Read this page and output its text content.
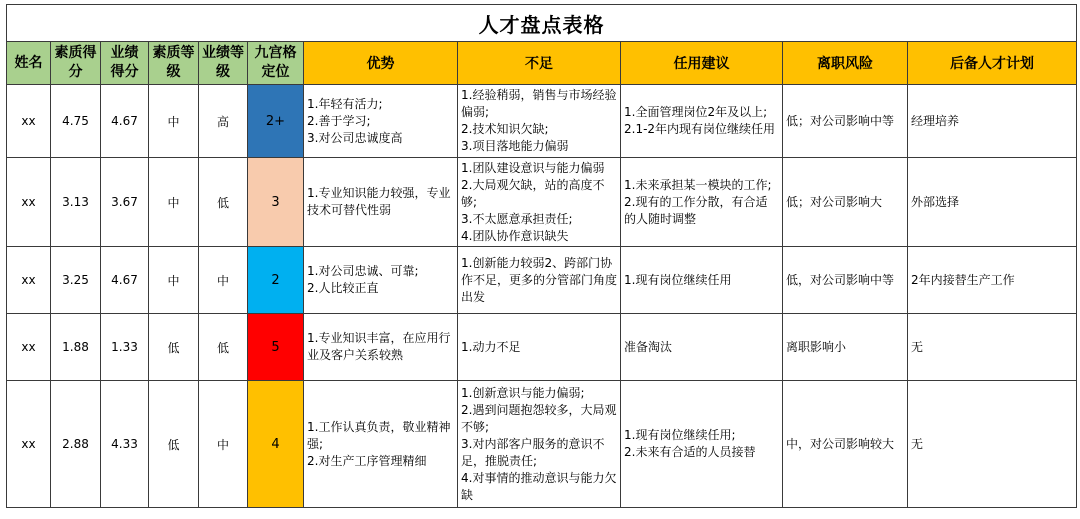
人才盘点表格										
姓名	素质得分	业绩得分	素质等级	业绩等级	九宫格定位	优势	不足	任用建议	离职风险	后备人才计划
xx	4.75	4.67	中	高	2+	1.年轻有活力;
2.善于学习;
3.对公司忠诚度高	1.经验稍弱，销售与市场经验偏弱;
2.技术知识欠缺;
3.项目落地能力偏弱	1.全面管理岗位2年及以上;
2.1-2年内现有岗位继续任用	低；对公司影响中等	经理培养
xx	3.13	3.67	中	低	3	1.专业知识能力较强，专业技术可替代性弱	1.团队建设意识与能力偏弱
2.大局观欠缺，站的高度不够;
3.不太愿意承担责任;
4.团队协作意识缺失	1.未来承担某一模块的工作;
2.现有的工作分散，有合适的人随时调整	低；对公司影响大	外部选择
xx	3.25	4.67	中	中	2	1.对公司忠诚、可靠;
2.人比较正直	1.创新能力较弱2、跨部门协作不足，更多的分管部门角度出发	1.现有岗位继续任用	低，对公司影响中等	2年内接替生产工作
xx	1.88	1.33	低	低	5	1.专业知识丰富，在应用行业及客户关系较熟	1.动力不足	准备淘汰	离职影响小	无
xx	2.88	4.33	低	中	4	1.工作认真负责，敬业精神强;
2.对生产工序管理精细	1.创新意识与能力偏弱;
2.遇到问题抱怨较多，大局观不够;
3.对内部客户服务的意识不足，推脱责任;
4.对事情的推动意识与能力欠缺	1.现有岗位继续任用;
2.未来有合适的人员接替	中，对公司影响较大	无
